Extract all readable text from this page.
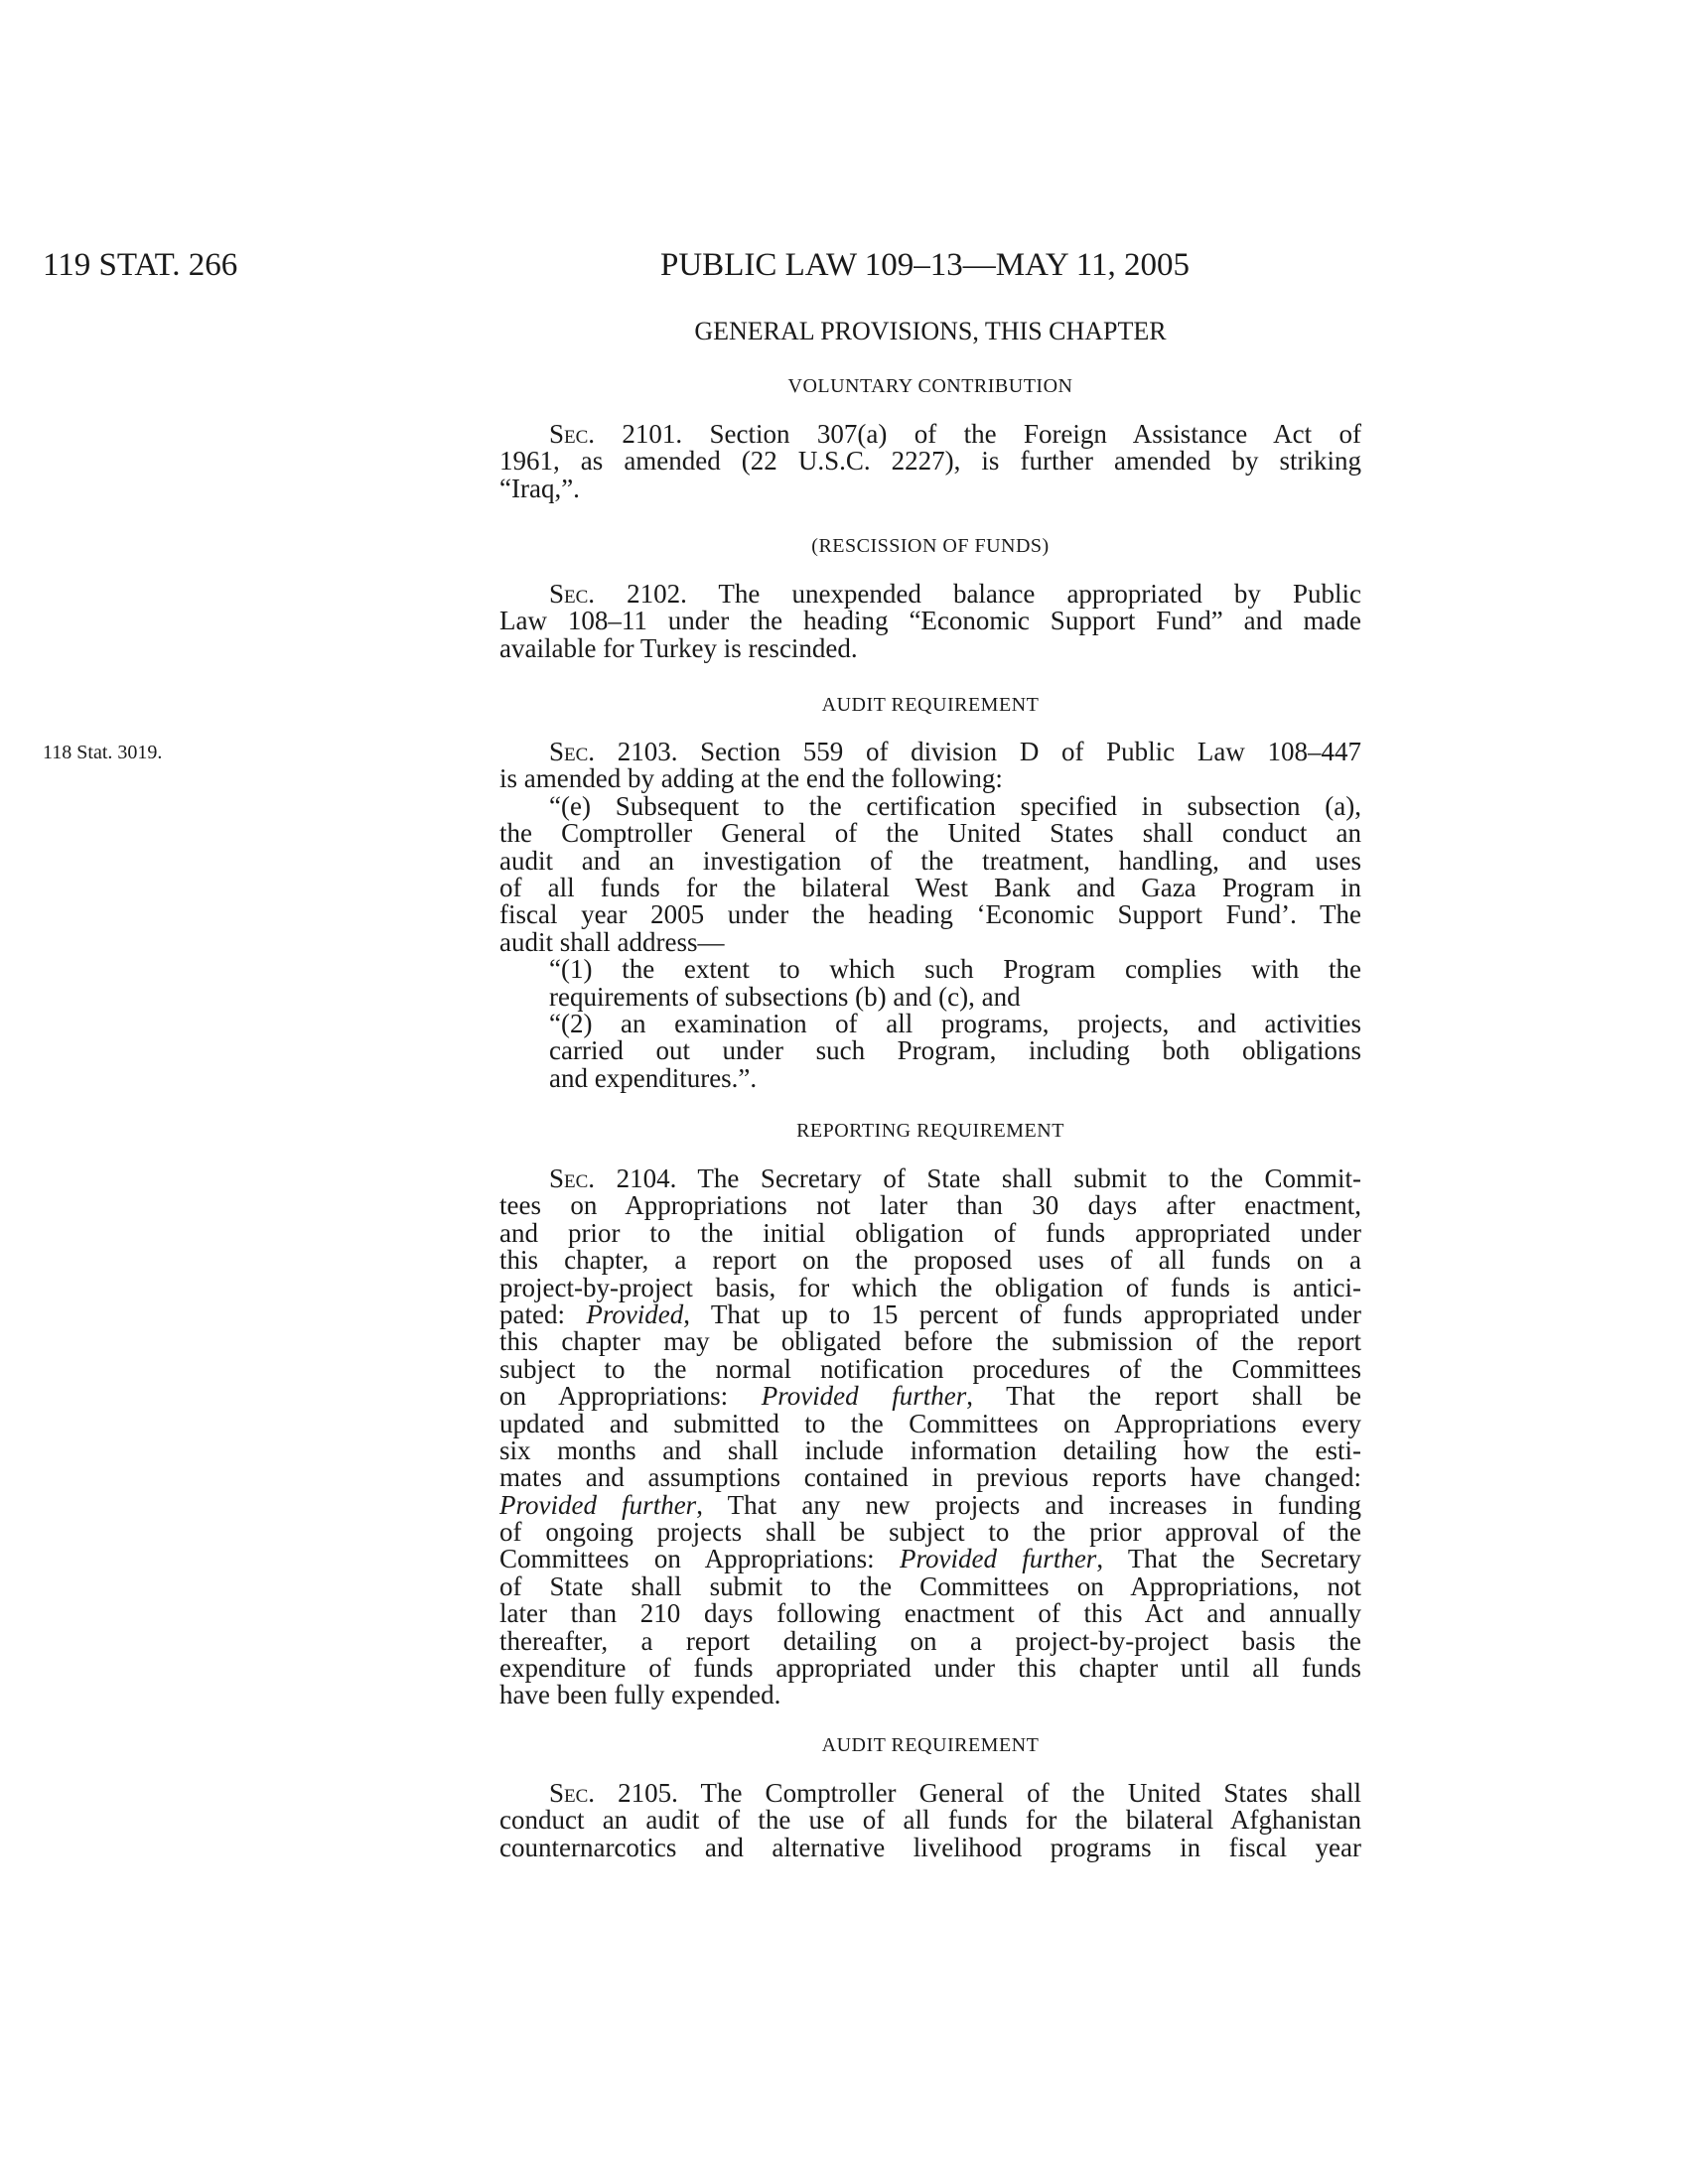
119 STAT. 266	PUBLIC LAW 109–13—MAY 11, 2005
GENERAL PROVISIONS, THIS CHAPTER
118 Stat. 3019.
VOLUNTARY CONTRIBUTION
Sec. 2101. Section 307(a) of the Foreign Assistance Act of
1961, as amended (22 U.S.C. 2227), is further amended by striking
“Iraq,”.
(RESCISSION OF FUNDS)
Sec. 2102. The unexpended balance appropriated by Public
Law 108–11 under the heading “Economic Support Fund” and made
available for Turkey is rescinded.
AUDIT REQUIREMENT
Sec. 2103. Section 559 of division D of Public Law 108–447
is amended by adding at the end the following:
“(e) Subsequent to the certification specified in subsection (a),
the Comptroller General of the United States shall conduct an
audit and an investigation of the treatment, handling, and uses
of all funds for the bilateral West Bank and Gaza Program in
fiscal year 2005 under the heading ‘Economic Support Fund’. The
audit shall address—
“(1) the extent to which such Program complies with the
requirements of subsections (b) and (c), and
“(2) an examination of all programs, projects, and activities
carried out under such Program, including both obligations
and expenditures.”.
REPORTING REQUIREMENT
Sec. 2104. The Secretary of State shall submit to the Commit-
tees on Appropriations not later than 30 days after enactment,
and prior to the initial obligation of funds appropriated under
this chapter, a report on the proposed uses of all funds on a
project-by-project basis, for which the obligation of funds is antici-
pated: Provided, That up to 15 percent of funds appropriated under
this chapter may be obligated before the submission of the report
subject to the normal notification procedures of the Committees
on Appropriations: Provided further, That the report shall be
updated and submitted to the Committees on Appropriations every
six months and shall include information detailing how the esti-
mates and assumptions contained in previous reports have changed:
Provided further, That any new projects and increases in funding
of ongoing projects shall be subject to the prior approval of the
Committees on Appropriations: Provided further, That the Secretary
of State shall submit to the Committees on Appropriations, not
later than 210 days following enactment of this Act and annually
thereafter, a report detailing on a project-by-project basis the
expenditure of funds appropriated under this chapter until all funds
have been fully expended.
AUDIT REQUIREMENT
Sec. 2105. The Comptroller General of the United States shall
conduct an audit of the use of all funds for the bilateral Afghanistan
counternarcotics and alternative livelihood programs in fiscal year
